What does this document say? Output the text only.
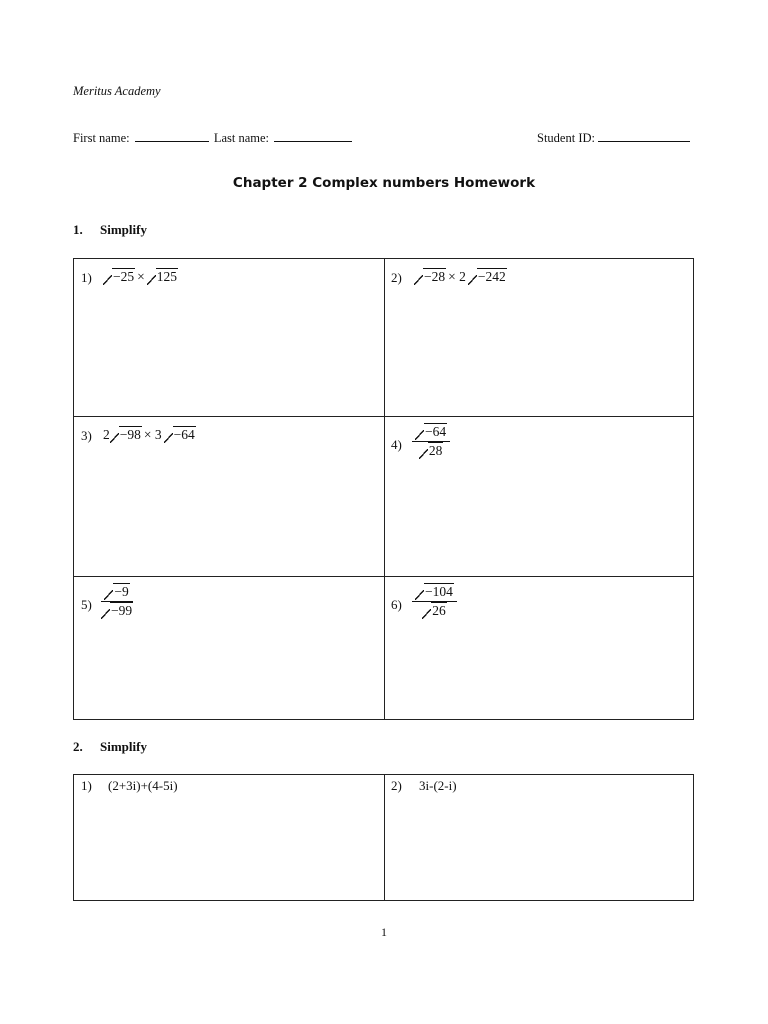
Meritus Academy
First name:	Last name:	Student ID:
Chapter 2 Complex numbers Homework
1. Simplify
1)	−25 × 125	2)	−28 × 2 −242
3) 2 −98 × 3 −64
$4) \frac{-64}{28}$
$5) \frac{-9}{-99}$	$6) \frac{-104}{26}$
2. Simplify
1) (2+3i)+(4-5i)	2) 3i-(2-i)
1
